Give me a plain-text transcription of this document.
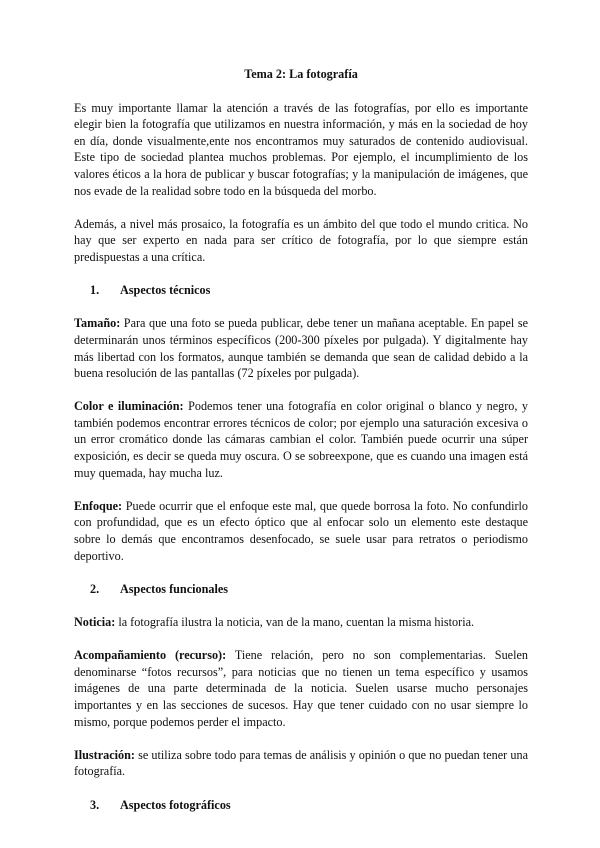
Tema 2: La fotografía

Es muy importante llamar la atención a través de las fotografías, por ello es importante elegir bien la fotografía que utilizamos en nuestra información, y más en la sociedad de hoy en día, donde visualmente,ente nos encontramos muy saturados de contenido audiovisual. Este tipo de sociedad plantea muchos problemas. Por ejemplo, el incumplimiento de los valores éticos a la hora de publicar y buscar fotografías; y la manipulación de imágenes, que nos evade de la realidad sobre todo en la búsqueda del morbo.

Además, a nivel más prosaico, la fotografía es un ámbito del que todo el mundo critica. No hay que ser experto en nada para ser crítico de fotografía, por lo que siempre están predispuestas a una crítica.

1.	Aspectos técnicos

Tamaño: Para que una foto se pueda publicar, debe tener un mañana aceptable. En papel se determinarán unos términos específicos (200-300 píxeles por pulgada). Y digitalmente hay más libertad con los formatos, aunque también se demanda que sean de calidad debido a la buena resolución de las pantallas (72 píxeles por pulgada).

Color e iluminación: Podemos tener una fotografía en color original o blanco y negro, y también podemos encontrar errores técnicos de color; por ejemplo una saturación excesiva o un error cromático donde las cámaras cambian el color. También puede ocurrir una súper exposición, es decir se queda muy oscura. O se sobreexpone, que es cuando una imagen está muy quemada, hay mucha luz.

Enfoque: Puede ocurrir que el enfoque este mal, que quede borrosa la foto. No confundirlo con profundidad, que es un efecto óptico que al enfocar solo un elemento este destaque sobre lo demás que encontramos desenfocado, se suele usar para retratos o periodismo deportivo.

2.	Aspectos funcionales

Noticia: la fotografía ilustra la noticia, van de la mano, cuentan la misma historia.

Acompañamiento (recurso): Tiene relación, pero no son complementarias. Suelen denominarse “fotos recursos”, para noticias que no tienen un tema específico y usamos imágenes de una parte determinada de la noticia. Suelen usarse mucho personajes importantes y en las secciones de sucesos. Hay que tener cuidado con no usar siempre lo mismo, porque podemos perder el impacto.

Ilustración: se utiliza sobre todo para temas de análisis y opinión o que no puedan tener una fotografía.

3.	Aspectos fotográficos
